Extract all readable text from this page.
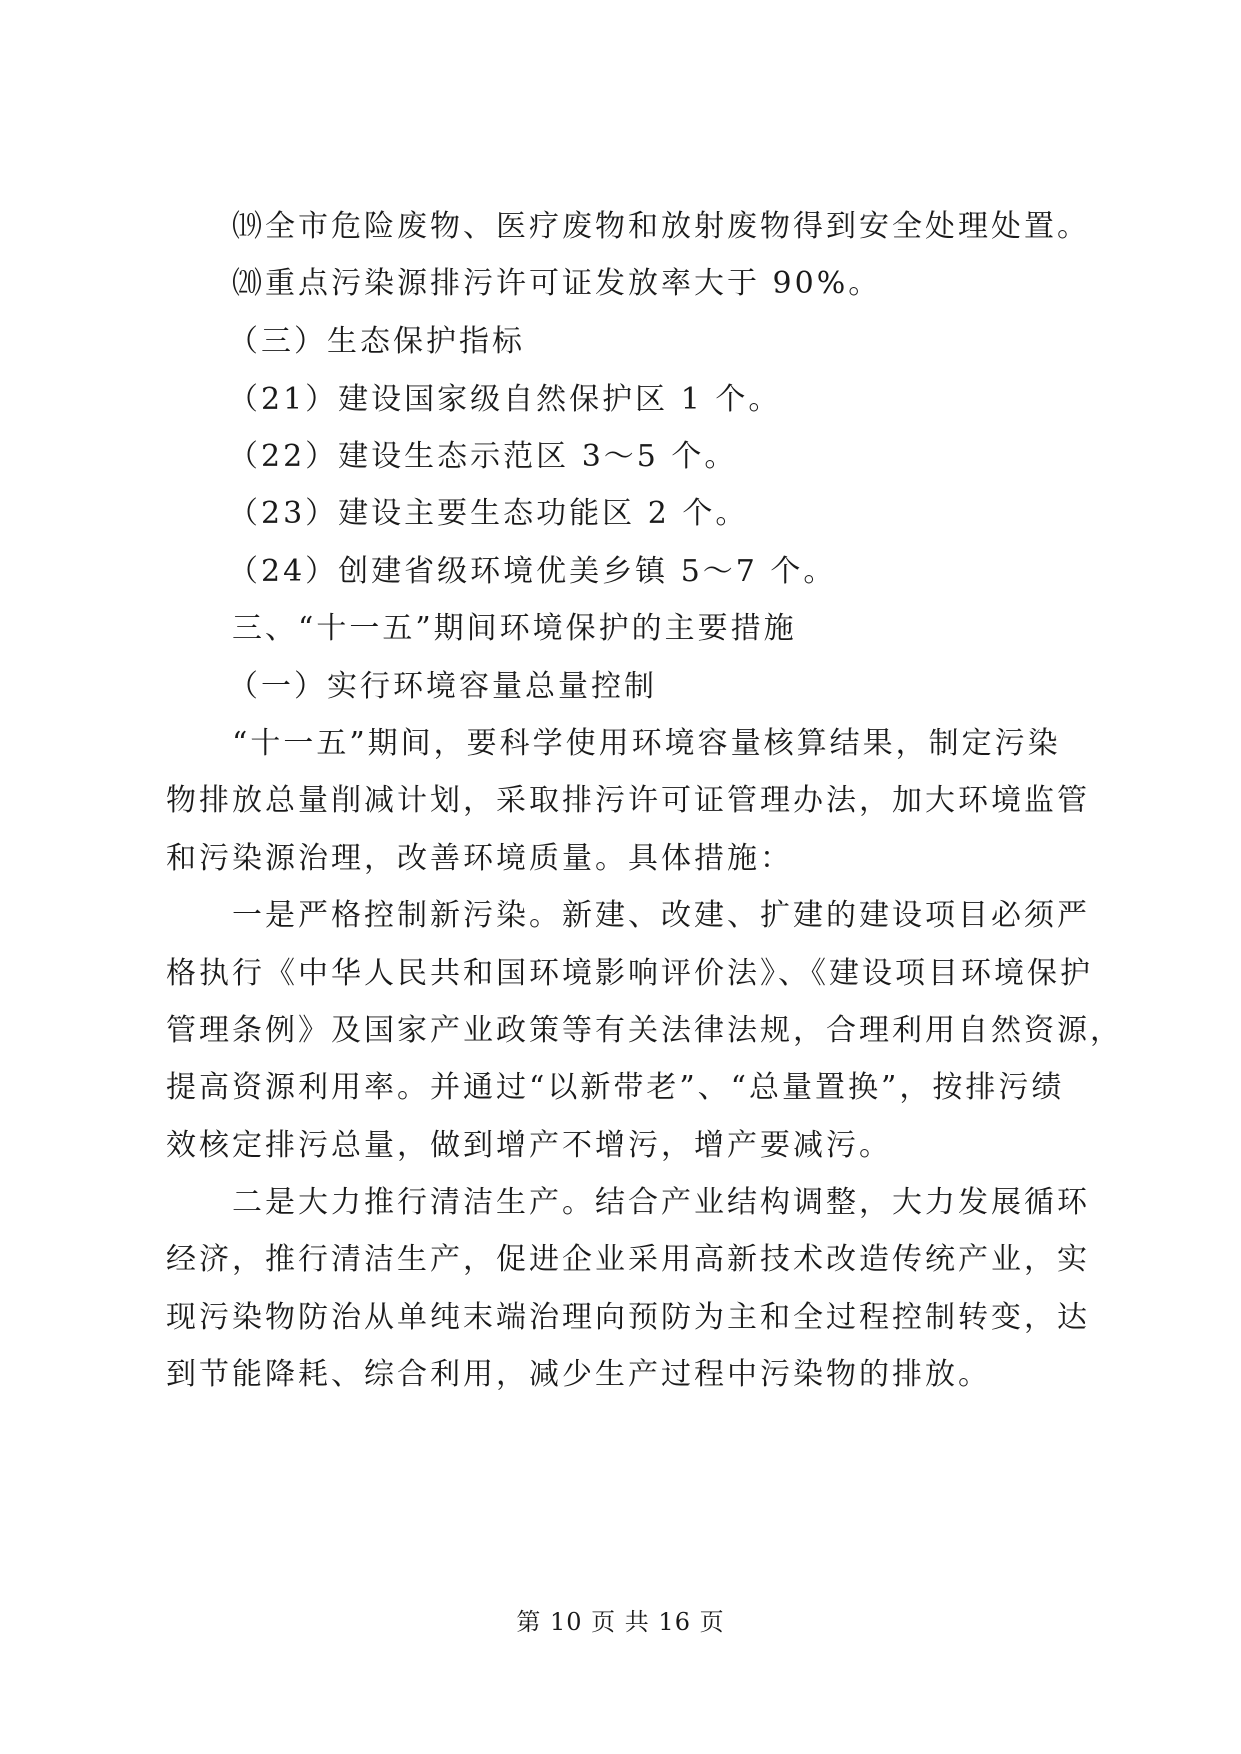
⒆全市危险废物、医疗废物和放射废物得到安全处理处置。
⒇重点污染源排污许可证发放率大于 90%。
（三）生态保护指标
（21）建设国家级自然保护区 1 个。
（22）建设生态示范区 3～5 个。
（23）建设主要生态功能区 2 个。
（24）创建省级环境优美乡镇 5～7 个。
三、“十一五”期间环境保护的主要措施
（一）实行环境容量总量控制
“十一五”期间，要科学使用环境容量核算结果，制定污染
物排放总量削减计划，采取排污许可证管理办法，加大环境监管
和污染源治理，改善环境质量。具体措施：
一是严格控制新污染。新建、改建、扩建的建设项目必须严
格执行《中华人民共和国环境影响评价法》、《建设项目环境保护
管理条例》及国家产业政策等有关法律法规，合理利用自然资源，
提高资源利用率。并通过“以新带老”、“总量置换”，按排污绩
效核定排污总量，做到增产不增污，增产要减污。
二是大力推行清洁生产。结合产业结构调整，大力发展循环
经济，推行清洁生产，促进企业采用高新技术改造传统产业，实
现污染物防治从单纯末端治理向预防为主和全过程控制转变，达
到节能降耗、综合利用，减少生产过程中污染物的排放。
第 10 页 共 16 页
